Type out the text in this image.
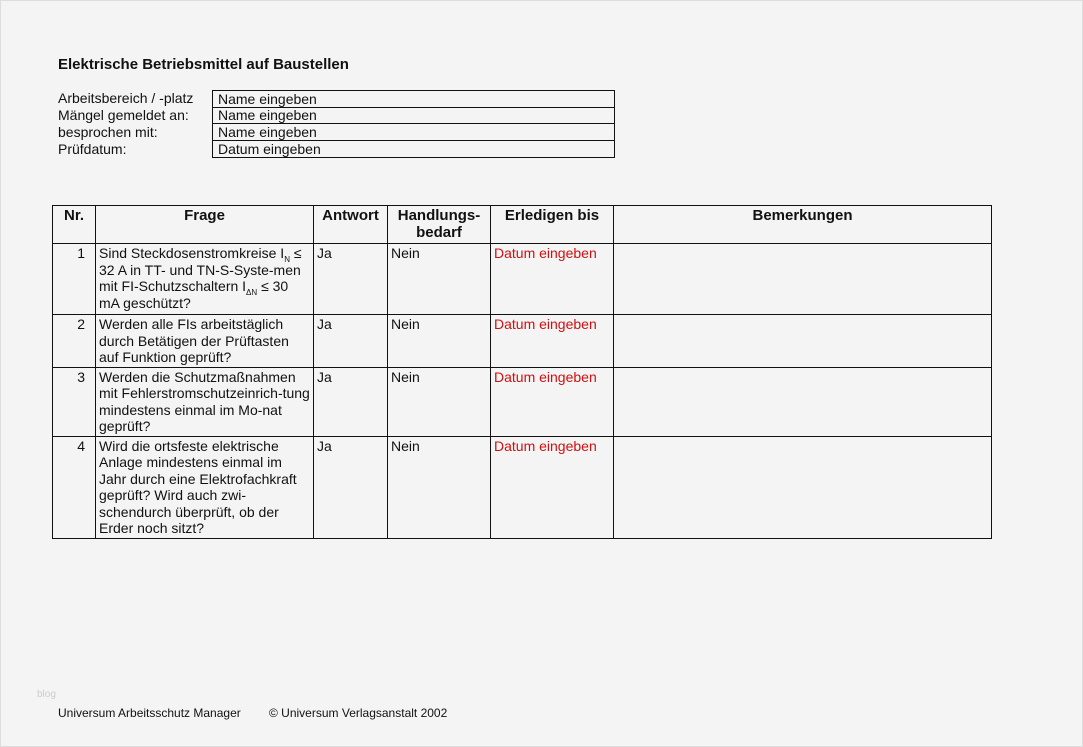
Elektrische Betriebsmittel auf Baustellen
Arbeitsbereich / -platz	Name eingeben
Mängel gemeldet an:	Name eingeben
besprochen mit:	Name eingeben
Prüfdatum:	Datum eingeben
Nr.	Frage	Antwort	Handlungs-bedarf	Erledigen bis	Bemerkungen
1	Sind Steckdosenstromkreise $I_N \le 32$ A in TT- und TN-S-Syste-men mit FI-Schutzschaltern $I_{\Delta N} \le 30$ mA geschützt?	Ja	Nein	Datum eingeben	
2	Werden alle FIs arbeitstäglich durch Betätigen der Prüftasten auf Funktion geprüft?	Ja	Nein	Datum eingeben	
3	Werden die Schutzmaßnahmen mit Fehlerstromschutzeinrich-tung mindestens einmal im Mo-nat geprüft?	Ja	Nein	Datum eingeben	
4	Wird die ortsfeste elektrische Anlage mindestens einmal im Jahr durch eine Elektrofachkraft geprüft? Wird auch zwi-schendurch überprüft, ob der Erder noch sitzt?	Ja	Nein	Datum eingeben	
blog
Universum Arbeitsschutz Manager © Universum Verlagsanstalt 2002
